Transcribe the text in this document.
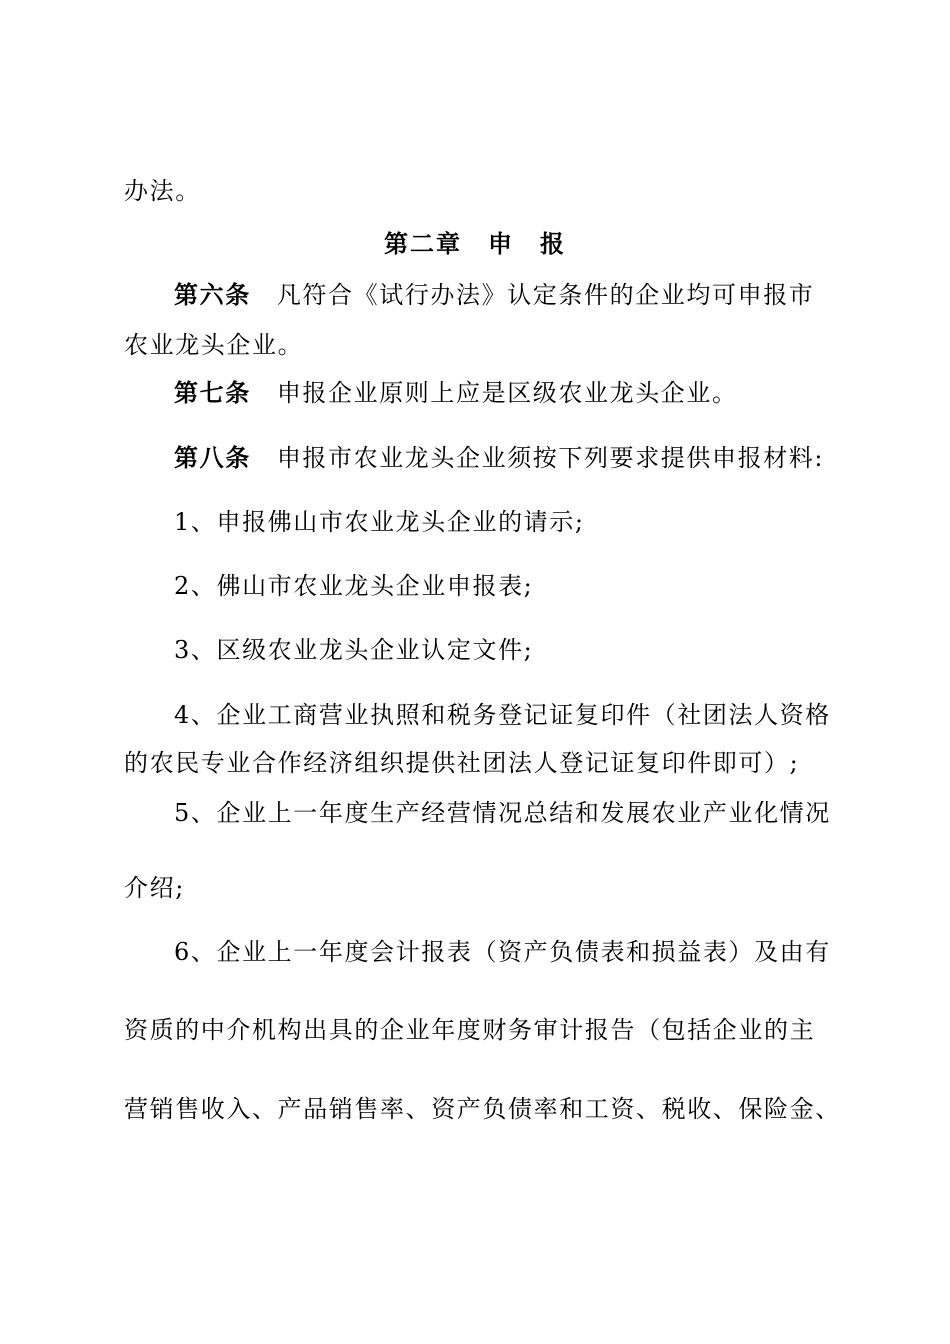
办法。
第二章 申 报
第六条 凡符合《试行办法》认定条件的企业均可申报市
农业龙头企业。
第七条 申报企业原则上应是区级农业龙头企业。
第八条 申报市农业龙头企业须按下列要求提供申报材料:
1、申报佛山市农业龙头企业的请示;
2、佛山市农业龙头企业申报表;
3、区级农业龙头企业认定文件;
4、企业工商营业执照和税务登记证复印件（社团法人资格
的农民专业合作经济组织提供社团法人登记证复印件即可）;
5、企业上一年度生产经营情况总结和发展农业产业化情况
介绍;
6、企业上一年度会计报表（资产负债表和损益表）及由有
资质的中介机构出具的企业年度财务审计报告（包括企业的主
营销售收入、产品销售率、资产负债率和工资、税收、保险金、
